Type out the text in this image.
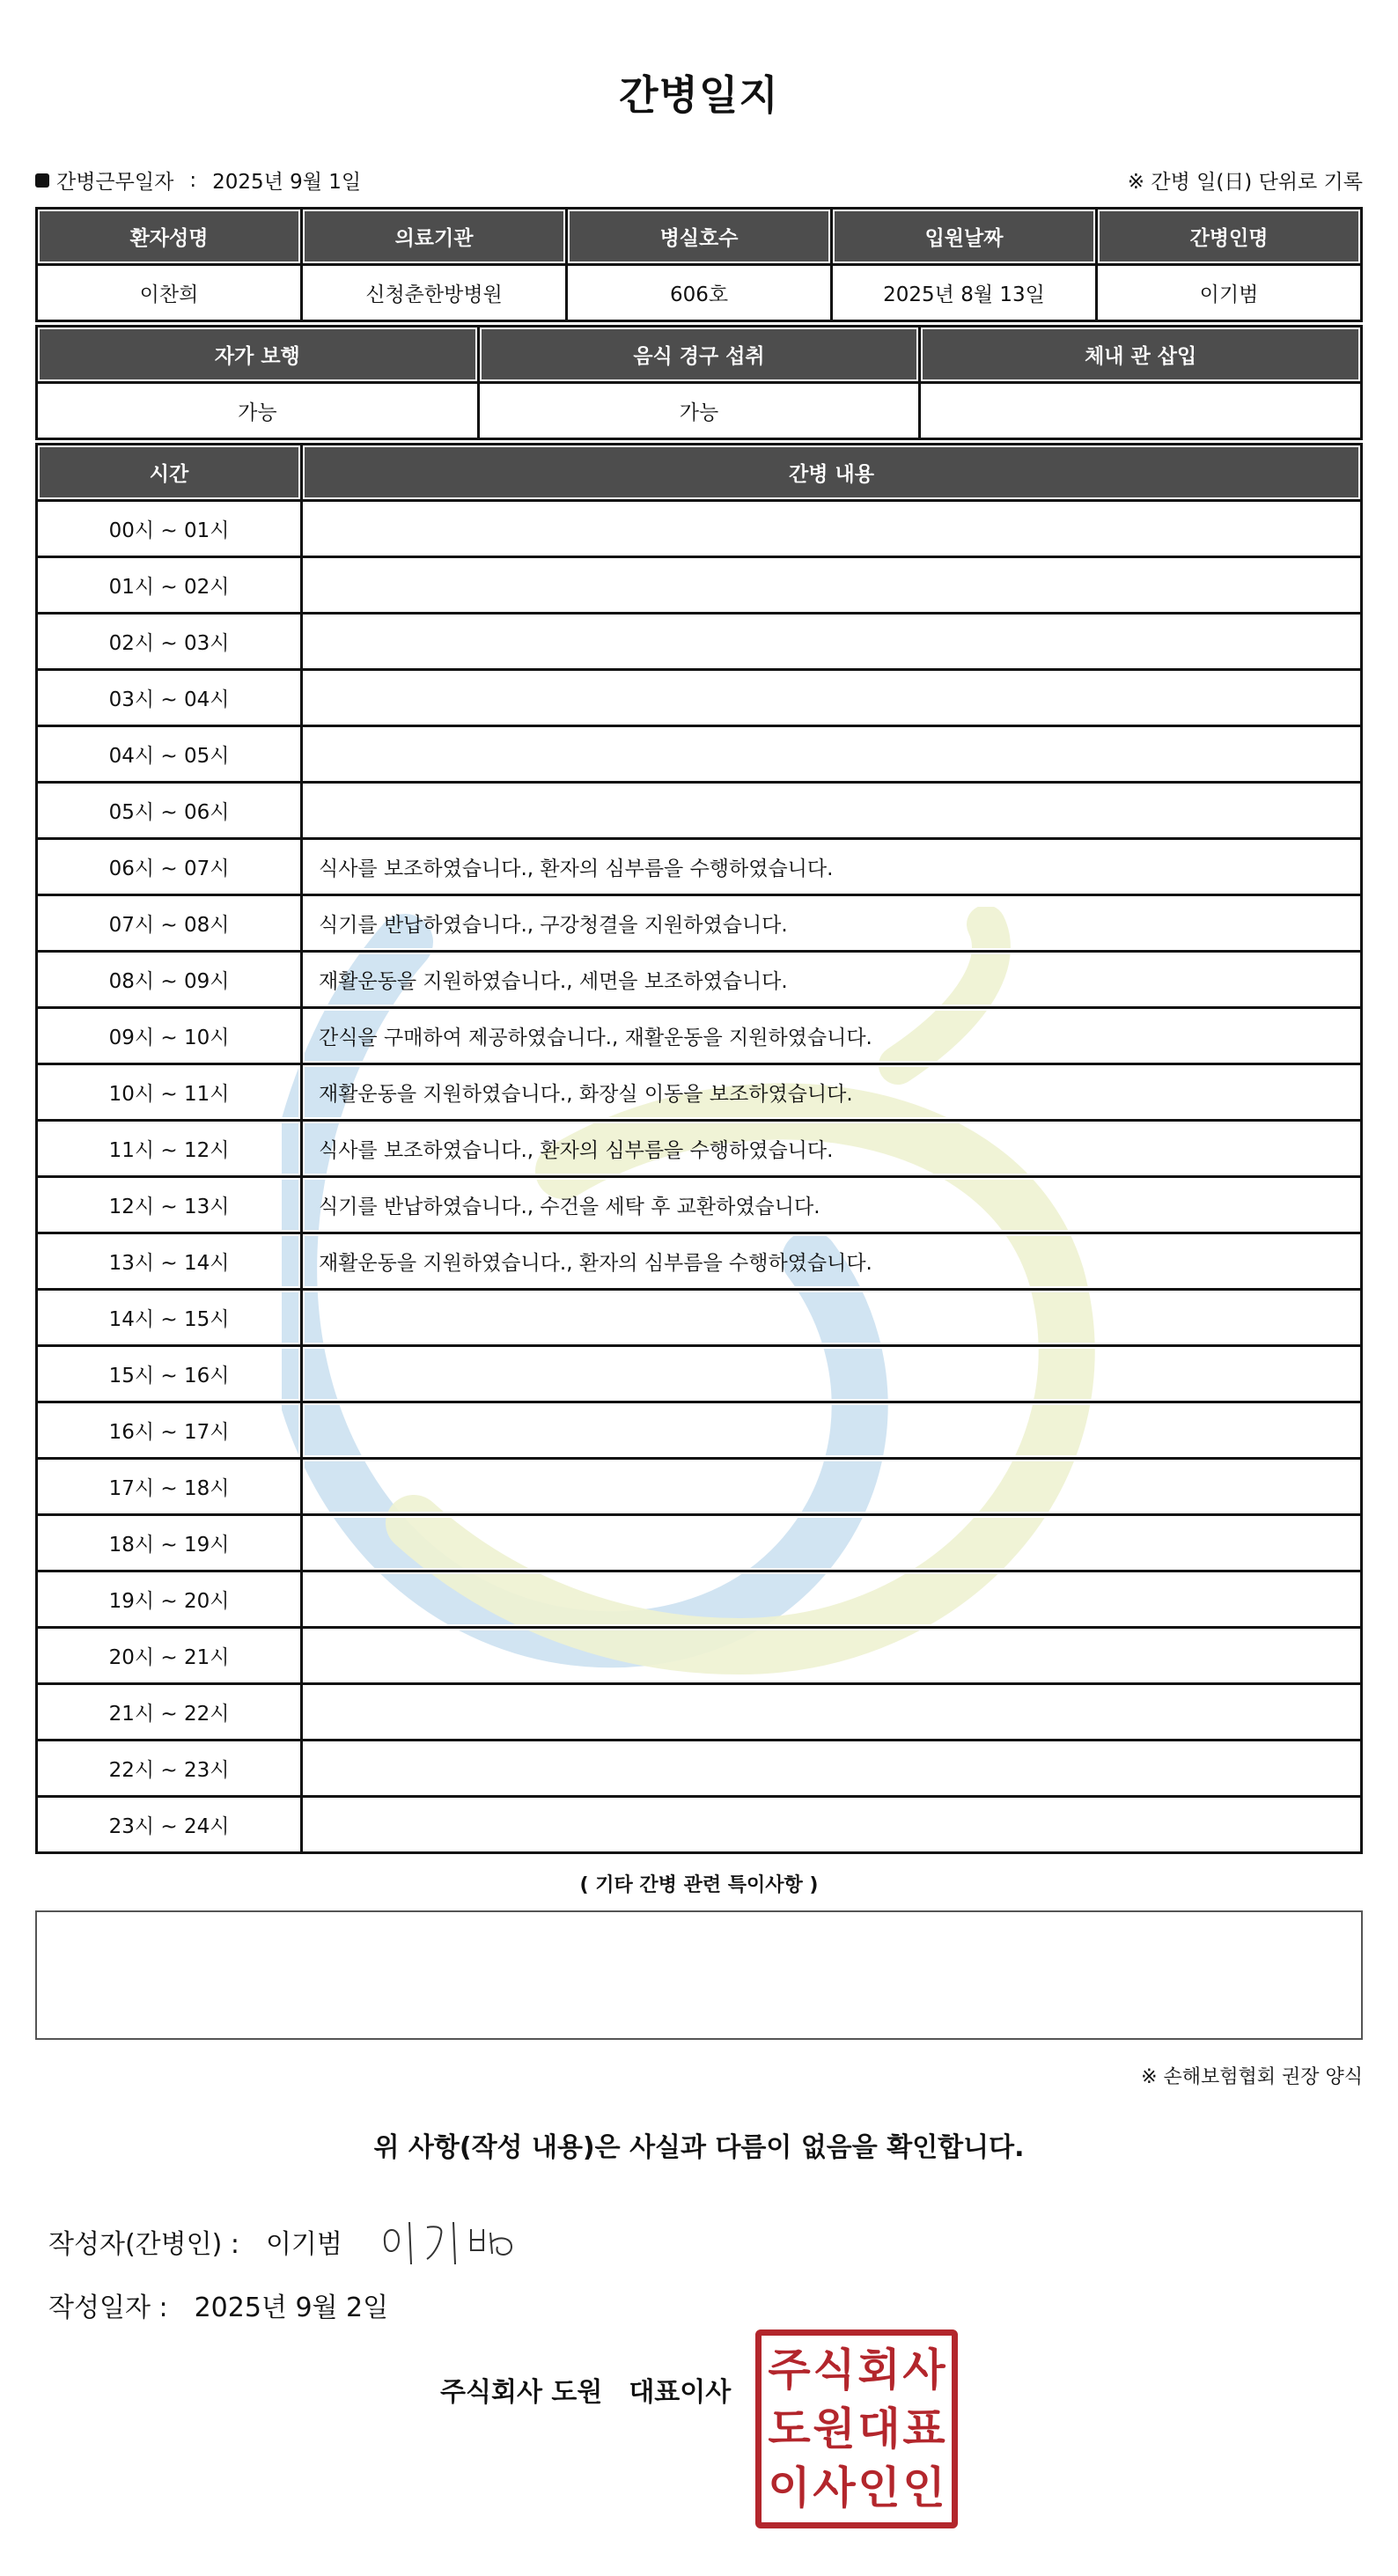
간병일지
간병근무일자 : 2025년 9월 1일	※ 간병 일(日) 단위로 기록
환자성명	의료기관	병실호수	입원날짜	간병인명
이찬희	신청춘한방병원	606호	2025년 8월 13일	이기범
자가 보행	음식 경구 섭취	체내 관 삽입
가능	가능	
시간	간병 내용
00시 ~ 01시	
01시 ~ 02시	
02시 ~ 03시	
03시 ~ 04시	
04시 ~ 05시	
05시 ~ 06시	
06시 ~ 07시	식사를 보조하였습니다., 환자의 심부름을 수행하였습니다.
07시 ~ 08시	식기를 반납하였습니다., 구강청결을 지원하였습니다.
08시 ~ 09시	재활운동을 지원하였습니다., 세면을 보조하였습니다.
09시 ~ 10시	간식을 구매하여 제공하였습니다., 재활운동을 지원하였습니다.
10시 ~ 11시	재활운동을 지원하였습니다., 화장실 이동을 보조하였습니다.
11시 ~ 12시	식사를 보조하였습니다., 환자의 심부름을 수행하였습니다.
12시 ~ 13시	식기를 반납하였습니다., 수건을 세탁 후 교환하였습니다.
13시 ~ 14시	재활운동을 지원하였습니다., 환자의 심부름을 수행하였습니다.
14시 ~ 15시	
15시 ~ 16시	
16시 ~ 17시	
17시 ~ 18시	
18시 ~ 19시	
19시 ~ 20시	
20시 ~ 21시	
21시 ~ 22시	
22시 ~ 23시	
23시 ~ 24시	
( 기타 간병 관련 특이사항 )
※ 손해보험협회 권장 양식
위 사항(작성 내용)은 사실과 다름이 없음을 확인합니다.
작성자(간병인) : 이기범
작성일자 : 2025년 9월 2일
주식회사 도원 대표이사 주 식 회 사
도 원 대 표
이 사 인 인
